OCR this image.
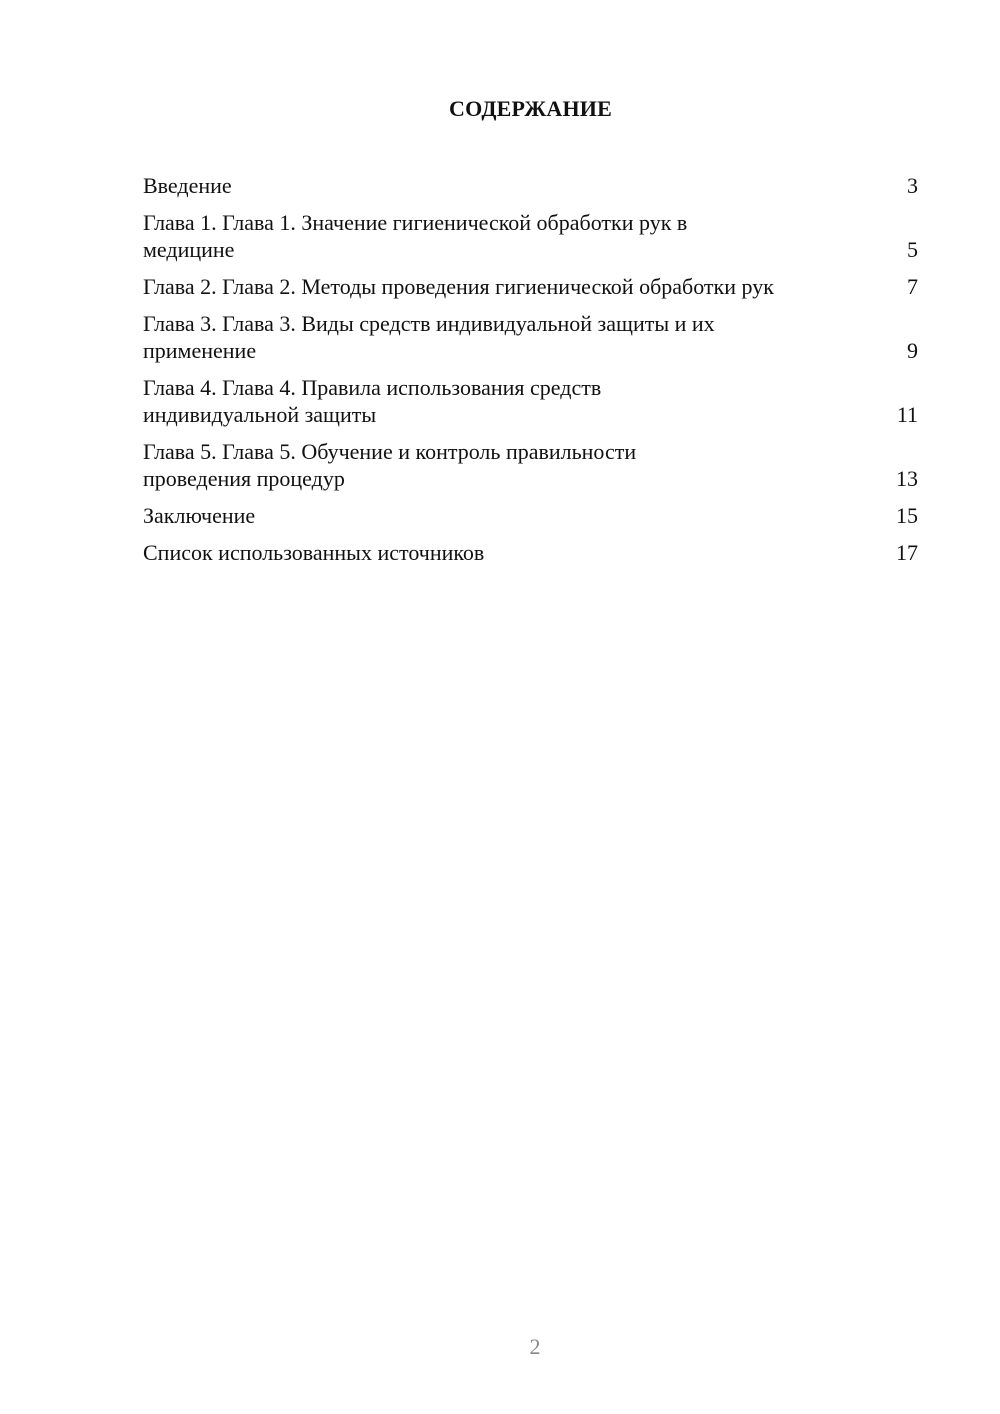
СОДЕРЖАНИЕ
Введение	3
Глава 1. Глава 1. Значение гигиенической обработки рук в медицине	5
Глава 2. Глава 2. Методы проведения гигиенической обработки рук	7
Глава 3. Глава 3. Виды средств индивидуальной защиты и их применение	9
Глава 4. Глава 4. Правила использования средств индивидуальной защиты	11
Глава 5. Глава 5. Обучение и контроль правильности проведения процедур	13
Заключение	15
Список использованных источников	17
2
